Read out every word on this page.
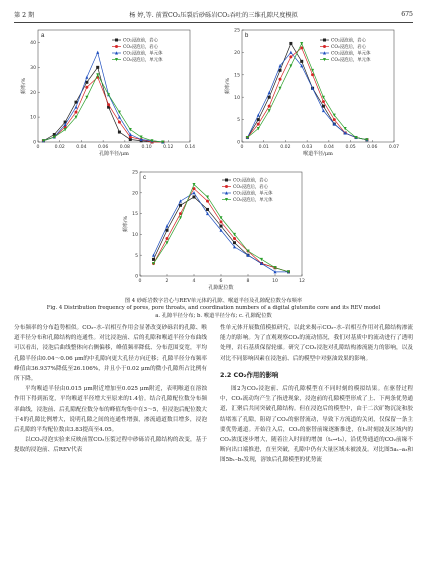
第 2 期	杨 婷,等. 前置CO₂压裂后砂砾岩CO₂吞吐的三维孔隙尺度模拟	675
a
0	0.02 0.04 0.06 0.08 0.10 0.12 0.14
0
10
20
30
40
孔隙半径/μm
频率/%
CO₂浸泡前，岩心
CO₂浸泡后，岩心
CO₂浸泡前，单元体
CO₂浸泡后，单元体
b
0	0.01 0.02 0.03 0.04 0.05 0.06 0.07
0
5
10
15
20
25
喉道半径/μm
频率/%
CO₂浸泡前，岩心
CO₂浸泡后，岩心
CO₂浸泡前，单元体
CO₂浸泡后，单元体
c
0	2	4	6	8	10	12
0
5
10
15
20
25
孔隙配位数
频率/%
CO₂浸泡前，岩心
CO₂浸泡后，岩心
CO₂浸泡前，单元体
CO₂浸泡后，单元体
图 4 砂砾岩数字岩心与REV单元体的孔隙、喉道半径及孔隙配位数分布频率
Fig. 4 Distribution frequency of pores, pore throats, and coordination numbers of a digital glutenite core and its REV model
a. 孔隙半径分布; b. 喉道半径分布; c. 孔隙配位数

分布频率的分布趋势相似。CO₂–水–岩相互作用会显著改变砂砾岩的孔隙、喉道半径分布和孔隙结构的连通性。对比浸泡前、后的孔隙和喉道半径分布曲线可以看出，浸泡后曲线整体向右侧偏移，峰值频率降低、分布范围变宽，平均孔隙半径由0.04～0.06 μm的中孔隙向更大孔径方向迁移；孔隙半径分布频率峰值由36.937%降低至26.106%，并且小于0.02 μm的微小孔隙所占比例有所下降。

平均喉道半径由0.015 μm附近增加至0.025 μm附近，表明喉道在溶蚀作用下得到拓宽，平均喉道半径增大至原来的1.4倍。结合孔隙配位数分布频率曲线，浸泡前、后孔隙配位数分布的峰值均集中在3～5，但浸泡后配位数大于4的孔隙比例增大，说明孔隙之间的连通性增强，渗流通道数目增多，浸泡后孔隙的平均配位数由3.83提高至4.05。

以CO₂浸泡实验来反映前置CO₂压裂过程中砂砾岩孔隙结构的改变，基于提取的浸泡前、后REV代表

性单元体开展数值模拟研究，以此来揭示CO₂–水–岩相互作用对孔隙结构渗流能力的影响。为了直观观察CO₂的流动情况，我们对基质中的流动进行了透明处理，岩石基质保留轮廓。研究了CO₂浸泡对孔隙结构渗流能力的影响，以及对比不同影响因素在浸泡前、后的模型中对驱油效果的影响。

2.2 CO₂作用的影响

图2为CO₂浸泡前、后的孔隙模型在不同时刻的模拟结果。在驱替过程中，CO₂流动均产生了指进现象，浸泡前的孔隙模型形成了上、下两条优势通道，汇聚后共同突破孔隙结构。但在浸泡后的模型中，由于二次矿物沉淀和胶结堵塞了孔隙，阻碍了CO₂的驱替流动，导致下方流道的关闭，仅保留一条主要优势通道。开始注入后，CO₂的驱替前缘逐渐推进，在t₁时刻波及区域内的CO₂浓度逐步增大，随着注入时间的增加（t₂→t₃），沿优势通道的CO₂前缘不断向出口端推进，直至突破，孔隙中仍有大量区域未被波及。对比图5a₁–a₃和图5b₁–b₃发现，溶蚀后孔隙模型的优势流
